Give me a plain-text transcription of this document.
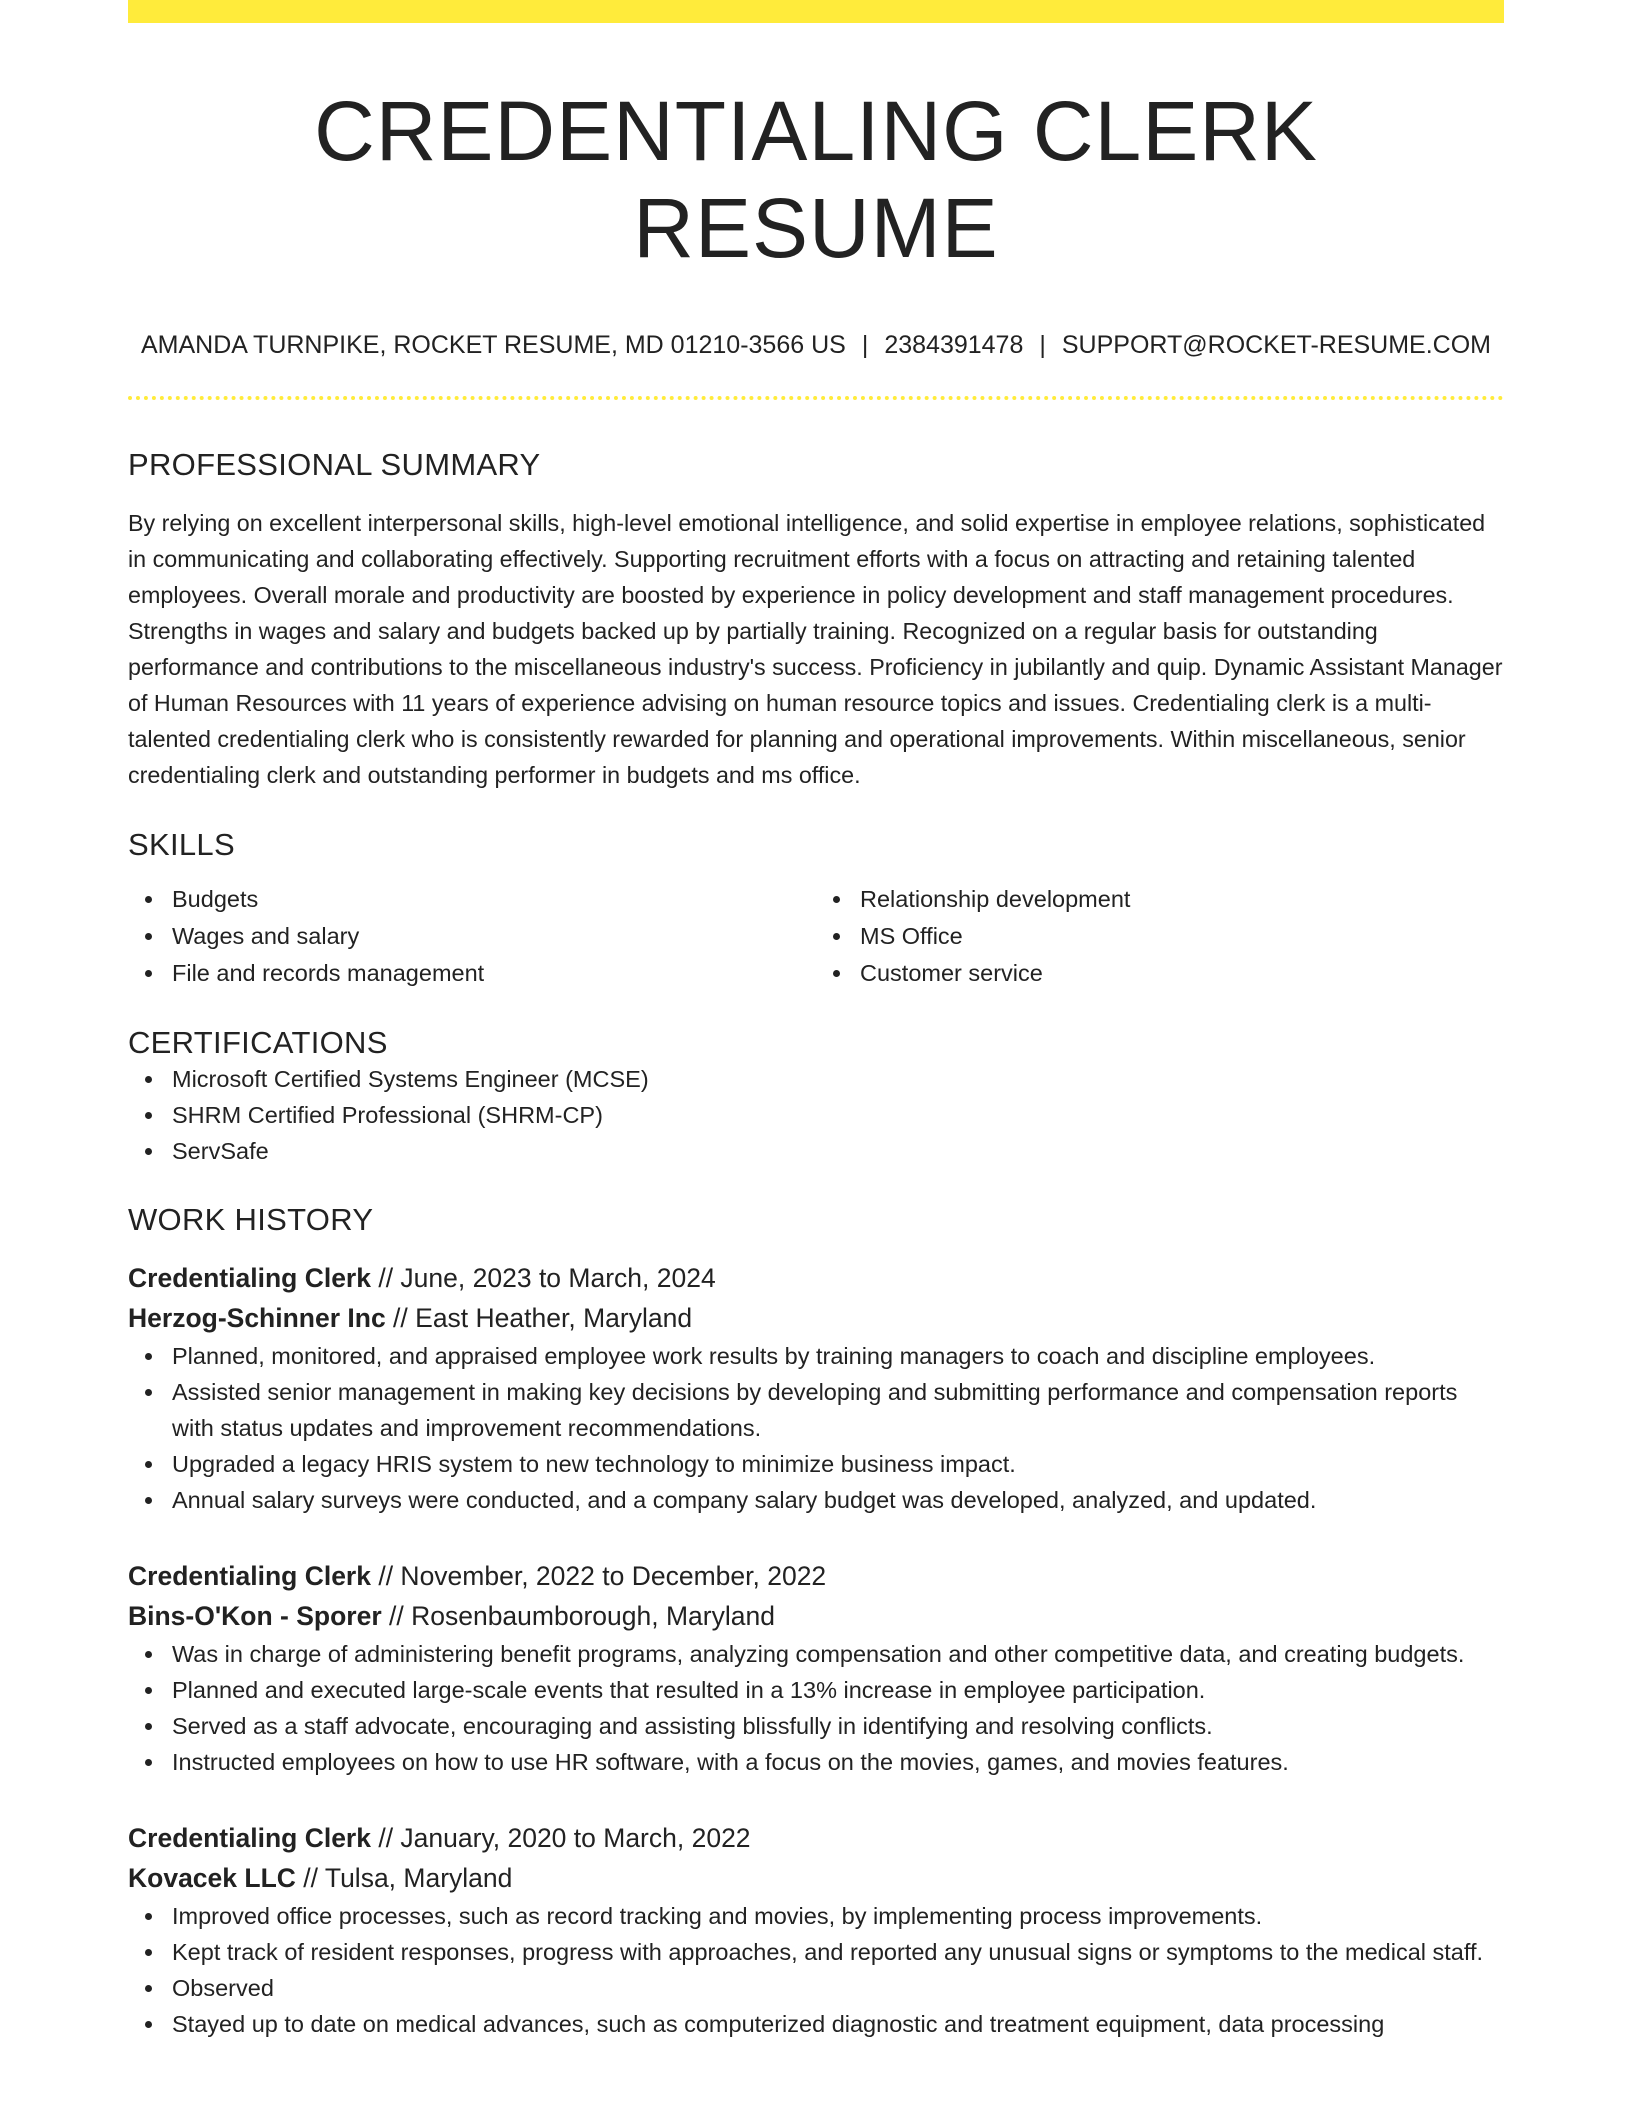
CREDENTIALING CLERK RESUME
AMANDA TURNPIKE, ROCKET RESUME, MD 01210-3566 US | 2384391478 | SUPPORT@ROCKET-RESUME.COM
PROFESSIONAL SUMMARY

By relying on excellent interpersonal skills, high-level emotional intelligence, and solid expertise in employee relations, sophisticated in communicating and collaborating effectively. Supporting recruitment efforts with a focus on attracting and retaining talented employees. Overall morale and productivity are boosted by experience in policy development and staff management procedures. Strengths in wages and salary and budgets backed up by partially training. Recognized on a regular basis for outstanding performance and contributions to the miscellaneous industry's success. Proficiency in jubilantly and quip. Dynamic Assistant Manager of Human Resources with 11 years of experience advising on human resource topics and issues. Credentialing clerk is a multi-talented credentialing clerk who is consistently rewarded for planning and operational improvements. Within miscellaneous, senior credentialing clerk and outstanding performer in budgets and ms office.

SKILLS
Budgets
Wages and salary
File and records management
Relationship development
MS Office
Customer service
CERTIFICATIONS
Microsoft Certified Systems Engineer (MCSE)
SHRM Certified Professional (SHRM-CP)
ServSafe
WORK HISTORY
Credentialing Clerk // June, 2023 to March, 2024
Herzog-Schinner Inc // East Heather, Maryland
Planned, monitored, and appraised employee work results by training managers to coach and discipline employees.
Assisted senior management in making key decisions by developing and submitting performance and compensation reports with status updates and improvement recommendations.
Upgraded a legacy HRIS system to new technology to minimize business impact.
Annual salary surveys were conducted, and a company salary budget was developed, analyzed, and updated.
Credentialing Clerk // November, 2022 to December, 2022
Bins-O'Kon - Sporer // Rosenbaumborough, Maryland
Was in charge of administering benefit programs, analyzing compensation and other competitive data, and creating budgets.
Planned and executed large-scale events that resulted in a 13% increase in employee participation.
Served as a staff advocate, encouraging and assisting blissfully in identifying and resolving conflicts.
Instructed employees on how to use HR software, with a focus on the movies, games, and movies features.
Credentialing Clerk // January, 2020 to March, 2022
Kovacek LLC // Tulsa, Maryland
Improved office processes, such as record tracking and movies, by implementing process improvements.
Kept track of resident responses, progress with approaches, and reported any unusual signs or symptoms to the medical staff.
Observed
Stayed up to date on medical advances, such as computerized diagnostic and treatment equipment, data processing
